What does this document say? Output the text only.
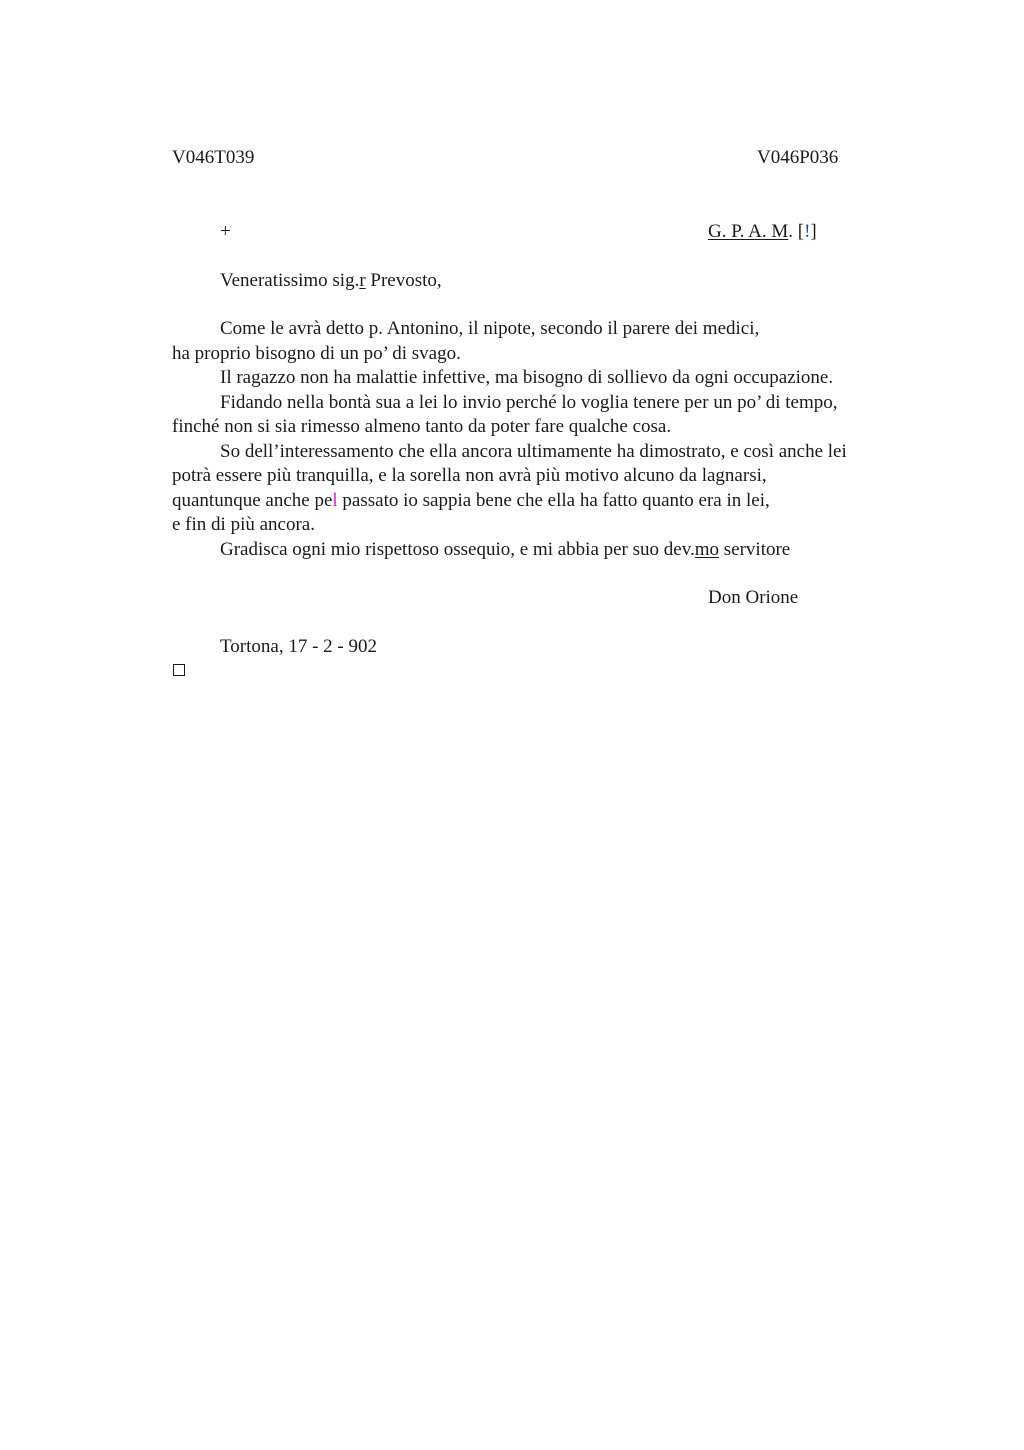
V046T039	V046P036
+	G. P. A. M. [!]
Veneratissimo sig.r Prevosto,

Come le avrà detto p. Antonino, il nipote, secondo il parere dei medici,

ha proprio bisogno di un po’ di svago.

Il ragazzo non ha malattie infettive, ma bisogno di sollievo da ogni occupazione.

Fidando nella bontà sua a lei lo invio perché lo voglia tenere per un po’ di tempo,

finché non si sia rimesso almeno tanto da poter fare qualche cosa.

So dell’interessamento che ella ancora ultimamente ha dimostrato, e così anche lei

potrà essere più tranquilla, e la sorella non avrà più motivo alcuno da lagnarsi,

quantunque anche pel passato io sappia bene che ella ha fatto quanto era in lei,

e fin di più ancora.

Gradisca ogni mio rispettoso ossequio, e mi abbia per suo dev.mo servitore

Don Orione
Tortona, 17 - 2 - 902
